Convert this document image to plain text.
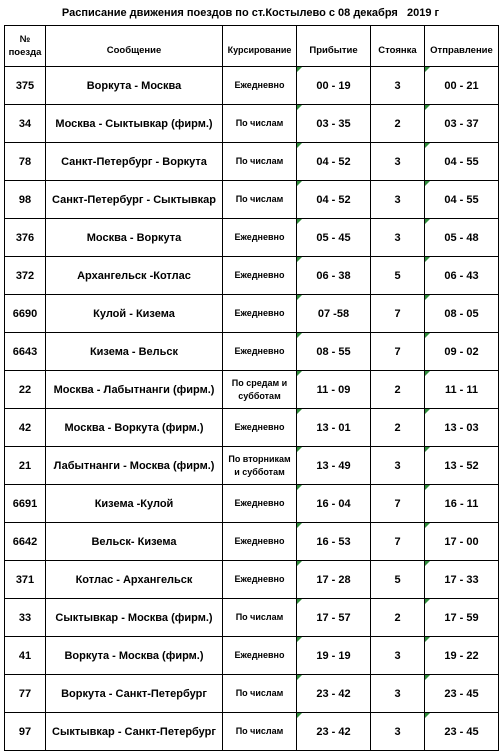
Расписание движения поездов по ст.Костылево с 08 декабря   2019 г
№
поезда	Сообщение	Курсирование	Прибытие	Стоянка	Отправление
375	Воркута - Москва	Ежедневно	00 - 19	3	00 - 21
34	Москва - Сыктывкар (фирм.)	По числам	03 - 35	2	03 - 37
78	Санкт-Петербург - Воркута	По числам	04 - 52	3	04 - 55
98	Санкт-Петербург - Сыктывкар	По числам	04 - 52	3	04 - 55
376	Москва - Воркута	Ежедневно	05 - 45	3	05 - 48
372	Архангельск -Котлас	Ежедневно	06 - 38	5	06 - 43
6690	Кулой - Кизема	Ежедневно	07 -58	7	08 - 05
6643	Кизема - Вельск	Ежедневно	08 - 55	7	09 - 02
22	Москва - Лабытнанги (фирм.)	По средам и
субботам	11 - 09	2	11 - 11
42	Москва - Воркута (фирм.)	Ежедневно	13 - 01	2	13 - 03
21	Лабытнанги - Москва (фирм.)	По вторникам
и субботам	13 - 49	3	13 - 52
6691	Кизема -Кулой	Ежедневно	16 - 04	7	16 - 11
6642	Вельск- Кизема	Ежедневно	16 - 53	7	17 - 00
371	Котлас - Архангельск	Ежедневно	17 - 28	5	17 - 33
33	Сыктывкар - Москва (фирм.)	По числам	17 - 57	2	17 - 59
41	Воркута - Москва (фирм.)	Ежедневно	19 - 19	3	19 - 22
77	Воркута - Санкт-Петербург	По числам	23 - 42	3	23 - 45
97	Сыктывкар - Санкт-Петербург	По числам	23 - 42	3	23 - 45
